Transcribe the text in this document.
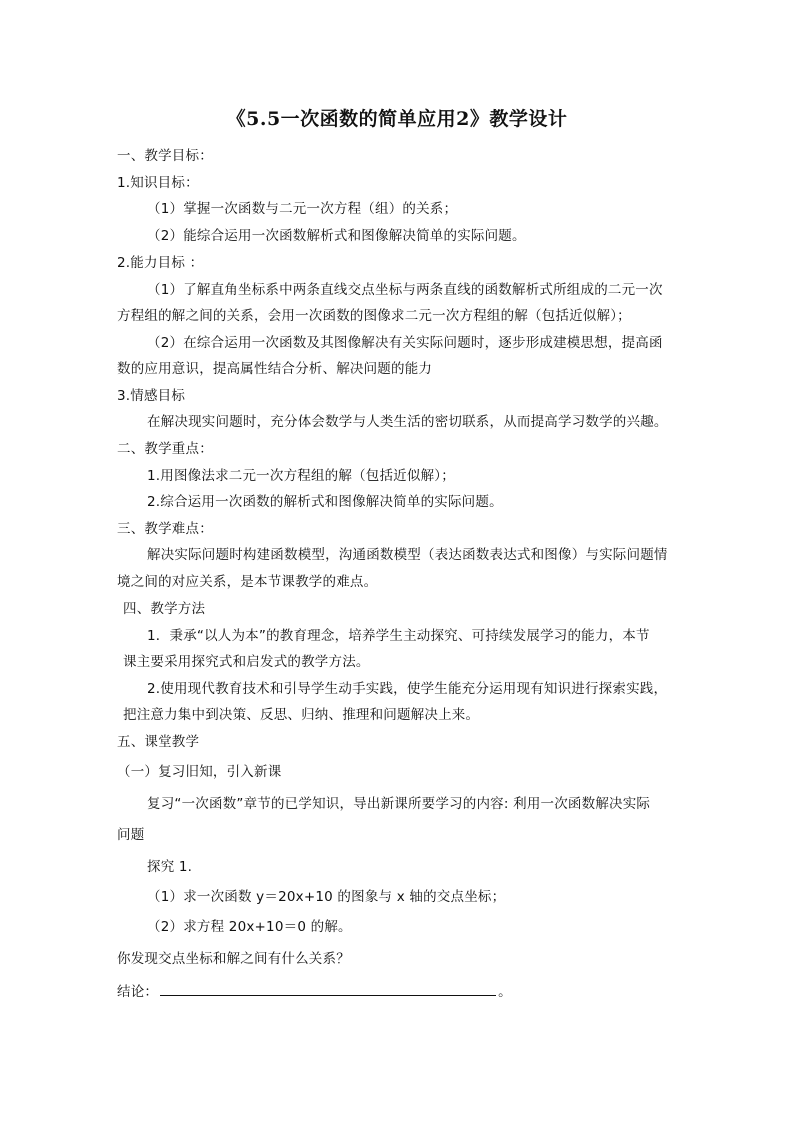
《5.5一次函数的简单应用2》教学设计
一、教学目标：
1.知识目标：
（1）掌握一次函数与二元一次方程（组）的关系；
（2）能综合运用一次函数解析式和图像解决简单的实际问题。
2.能力目标 ：
（1）了解直角坐标系中两条直线交点坐标与两条直线的函数解析式所组成的二元一次
方程组的解之间的关系，会用一次函数的图像求二元一次方程组的解（包括近似解）；
（2）在综合运用一次函数及其图像解决有关实际问题时，逐步形成建模思想，提高函
数的应用意识，提高属性结合分析、解决问题的能力
3.情感目标
在解决现实问题时，充分体会数学与人类生活的密切联系，从而提高学习数学的兴趣。
二、教学重点：
1.用图像法求二元一次方程组的解（包括近似解）；
2.综合运用一次函数的解析式和图像解决简单的实际问题。
三、教学难点：
解决实际问题时构建函数模型，沟通函数模型（表达函数表达式和图像）与实际问题情
境之间的对应关系，是本节课教学的难点。
四、教学方法
1．秉承“以人为本”的教育理念，培养学生主动探究、可持续发展学习的能力，本节
课主要采用探究式和启发式的教学方法。
2.使用现代教育技术和引导学生动手实践，使学生能充分运用现有知识进行探索实践，
把注意力集中到决策、反思、归纳、推理和问题解决上来。
五、课堂教学
（一）复习旧知，引入新课
复习“一次函数”章节的已学知识，导出新课所要学习的内容: 利用一次函数解决实际
问题
探究 1.
（1）求一次函数 y＝20x+10 的图象与 x 轴的交点坐标；
（2）求方程 20x+10＝0 的解。
你发现交点坐标和解之间有什么关系？
结论：	。
